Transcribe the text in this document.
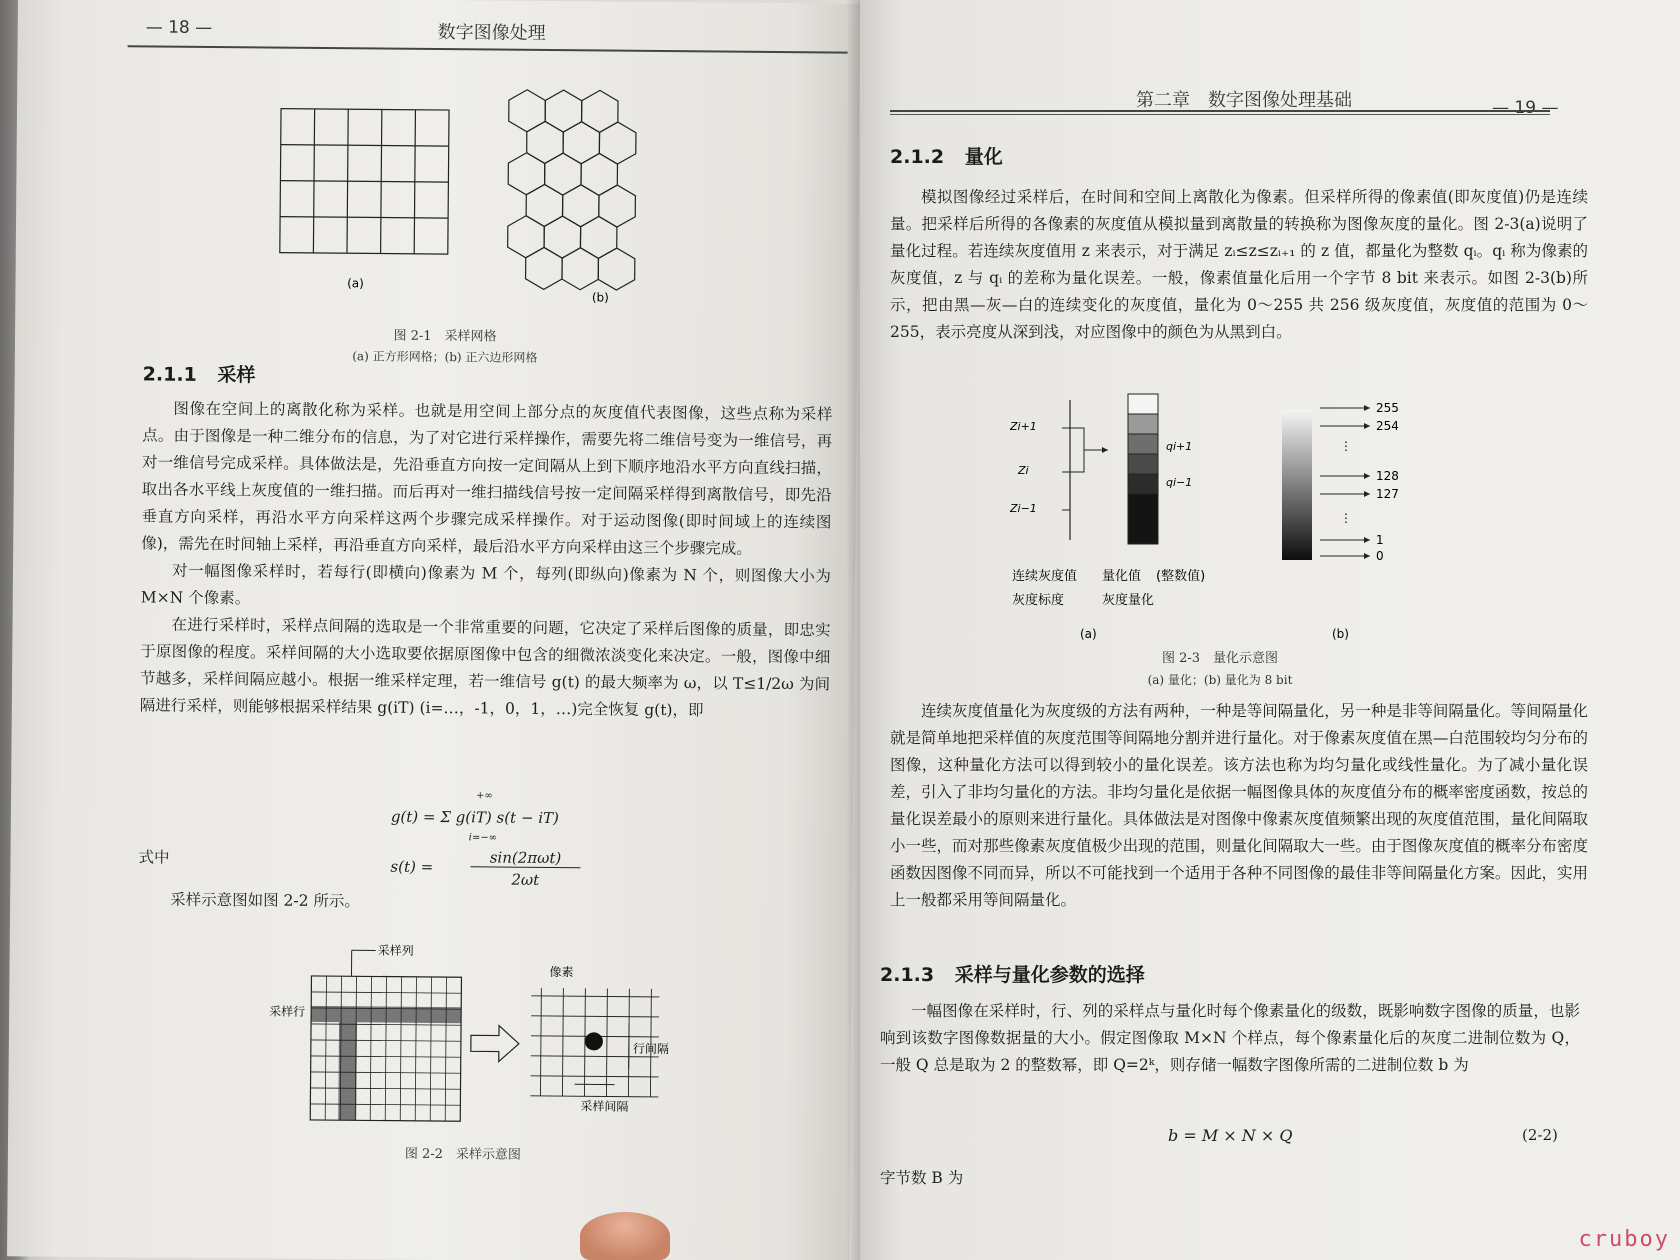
— 18 —	数字图像处理
(a)
(b)
图 2-1　采样网格
(a) 正方形网格；(b) 正六边形网格
2.1.1 采样

图像在空间上的离散化称为采样。也就是用空间上部分点的灰度值代表图像，这些点称为采样点。由于图像是一种二维分布的信息，为了对它进行采样操作，需要先将二维信号变为一维信号，再对一维信号完成采样。具体做法是，先沿垂直方向按一定间隔从上到下顺序地沿水平方向直线扫描，取出各水平线上灰度值的一维扫描。而后再对一维扫描线信号按一定间隔采样得到离散信号，即先沿垂直方向采样，再沿水平方向采样这两个步骤完成采样操作。对于运动图像(即时间域上的连续图像)，需先在时间轴上采样，再沿垂直方向采样，最后沿水平方向采样由这三个步骤完成。

对一幅图像采样时，若每行(即横向)像素为 M 个，每列(即纵向)像素为 N 个，则图像大小为 M×N 个像素。

在进行采样时，采样点间隔的选取是一个非常重要的问题，它决定了采样后图像的质量，即忠实于原图像的程度。采样间隔的大小选取要依据原图像中包含的细微浓淡变化来决定。一般，图像中细节越多，采样间隔应越小。根据一维采样定理，若一维信号 g(t) 的最大频率为 ω，以 T≤1/2ω 为间隔进行采样，则能够根据采样结果 g(iT) (i=…，-1，0，1，…)完全恢复 g(t)，即

g(t) = Σ g(iT) s(t − iT)
+∞
i=−∞
式中
s(t) =	sin(2πωt)
2ωt
采样示意图如图 2-2 所示。
采样列
采样行
像素
行间隔
采样间隔
图 2-2　采样示意图
第二章　数字图像处理基础	— 19 —
2.1.2 量化

模拟图像经过采样后，在时间和空间上离散化为像素。但采样所得的像素值(即灰度值)仍是连续量。把采样后所得的各像素的灰度值从模拟量到离散量的转换称为图像灰度的量化。图 2-3(a)说明了量化过程。若连续灰度值用 z 来表示，对于满足 zᵢ≤z≤zᵢ₊₁ 的 z 值，都量化为整数 qᵢ。qᵢ 称为像素的灰度值，z 与 qᵢ 的差称为量化误差。一般，像素值量化后用一个字节 8 bit 来表示。如图 2-3(b)所示，把由黑—灰—白的连续变化的灰度值，量化为 0～255 共 256 级灰度值，灰度值的范围为 0～255，表示亮度从深到浅，对应图像中的颜色为从黑到白。

Zi+1
Zi
Zi−1
qi+1
qi−1
连续灰度值
灰度标度
量化值 (整数值)
灰度量化
(a)
255
254
⋮
128
127
⋮
1
0
(b)
图 2-3　量化示意图
(a) 量化；(b) 量化为 8 bit

连续灰度值量化为灰度级的方法有两种，一种是等间隔量化，另一种是非等间隔量化。等间隔量化就是简单地把采样值的灰度范围等间隔地分割并进行量化。对于像素灰度值在黑—白范围较均匀分布的图像，这种量化方法可以得到较小的量化误差。该方法也称为均匀量化或线性量化。为了减小量化误差，引入了非均匀量化的方法。非均匀量化是依据一幅图像具体的灰度值分布的概率密度函数，按总的量化误差最小的原则来进行量化。具体做法是对图像中像素灰度值频繁出现的灰度值范围，量化间隔取小一些，而对那些像素灰度值极少出现的范围，则量化间隔取大一些。由于图像灰度值的概率分布密度函数因图像不同而异，所以不可能找到一个适用于各种不同图像的最佳非等间隔量化方案。因此，实用上一般都采用等间隔量化。

2.1.3 采样与量化参数的选择

一幅图像在采样时，行、列的采样点与量化时每个像素量化的级数，既影响数字图像的质量，也影响到该数字图像数据量的大小。假定图像取 M×N 个样点，每个像素量化后的灰度二进制位数为 Q，一般 Q 总是取为 2 的整数幂，即 Q=2ᵏ，则存储一幅数字图像所需的二进制位数 b 为

b = M × N × Q	(2-2)
字节数 B 为
cruboy
